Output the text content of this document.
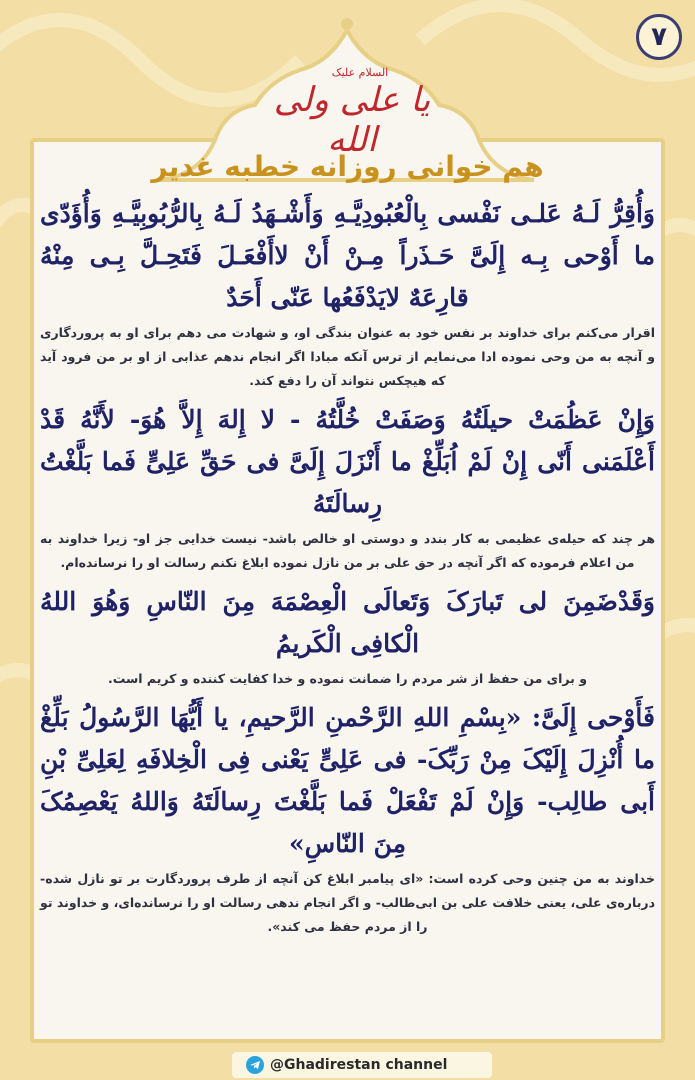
۷
السلام علیک
یا علی ولی الله
هم خوانی روزانه خطبه غدیر

وَأُقِرُّ لَـهُ عَلـی نَفْسی بِالْعُبُودِیَّـهِ وَأَشْـهَدُ لَـهُ بِالرُّبُوبِیَّـهِ وَأُؤَدّی ما أَوْحی بِـه إِلَیَّ حَـذَراً مِـنْ أَنْ لاأَفْعَـلَ فَتَحِـلَّ بِـی مِنْهُ قارِعَهٌ لایَدْفَعُها عَنّی أَحَدٌ

اقرار می‌کنم برای خداوند بر نفس خود به عنوان بندگی او، و شهادت می دهم برای او به پروردگاری و آنچه به من وحی نموده ادا می‌نمایم از ترس آنکه مبادا اگر انجام ندهم عذابی از او بر من فرود آید که هیچکس نتواند آن را دفع کند.

وَإِنْ عَظُمَتْ حیلَتُهُ وَصَفَتْ خُلَّتُهُ - لا إِلهَ إِلاَّ هُوَ- لأَنَّهُ قَدْ أَعْلَمَنی أَنّی إِنْ لَمْ اُبَلِّغْ ما أَنْزَلَ إِلَیَّ فی حَقِّ عَلِیٍّ فَما بَلَّغْتُ رِسالَتَهُ

هر چند که حیله‌ی عظیمی به کار بندد و دوستی او خالص باشد- نیست خدایی جز او- زیرا خداوند به من اعلام فرموده که اگر آنچه در حق علی بر من نازل نموده ابلاغ نکنم رسالت او را نرسانده‌ام.

وَقَدْضَمِنَ لی تَبارَکَ وَتَعالَی الْعِصْمَهَ مِنَ النّاسِ وَهُوَ اللهُ الْکافِی الْکَریمُ

و برای من حفظ از شر مردم را ضمانت نموده و خدا کفایت کننده و کریم است.

فَأَوْحی إِلَیَّ: «بِسْمِ اللهِ الرَّحْمنِ الرَّحیمِ، یا أَیُّهَا الرَّسُولُ بَلِّغْ ما أُنْزِلَ إِلَیْکَ مِنْ رَبِّکَ- فی عَلِیٍّ یَعْنی فِی الْخِلافَهِ لِعَلِیِّ بْنِ أَبی طالِب- وَإِنْ لَمْ تَفْعَلْ فَما بَلَّغْتَ رِسالَتَهُ وَاللهُ یَعْصِمُکَ مِنَ النّاسِ»

خداوند به من چنین وحی کرده است: «ای پیامبر ابلاغ کن آنچه از طرف پروردگارت بر تو نازل شده- درباره‌ی علی، یعنی خلافت علی بن ابی‌طالب- و اگر انجام ندهی رسالت او را نرسانده‌ای، و خداوند تو را از مردم حفظ می کند».

@Ghadirestan channel
